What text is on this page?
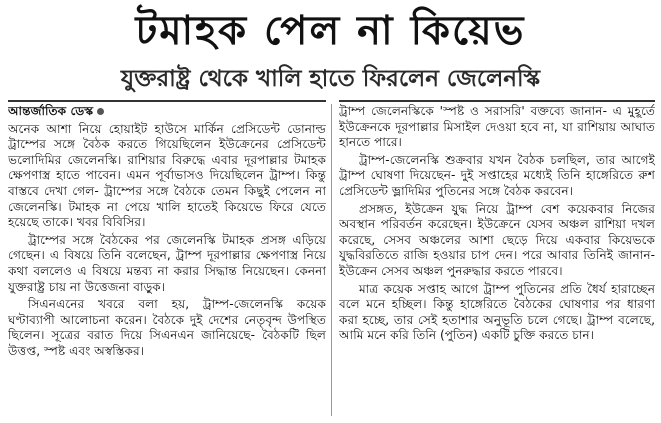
টমাহক পেল না কিয়েভ
যুক্তরাষ্ট্র থেকে খালি হাতে ফিরলেন জেলেনস্কি

আন্তর্জাতিক ডেস্ক

অনেক আশা নিয়ে হোয়াইট হাউসে মার্কিন প্রেসিডেন্ট ডোনাল্ড ট্রাম্পের সঙ্গে বৈঠক করতে গিয়েছিলেন ইউক্রেনের প্রেসিডেন্ট ভলোদিমির জেলেনস্কি। রাশিয়ার বিরুদ্ধে এবার দূরপাল্লার টমাহক ক্ষেপণাস্ত্র হাতে পাবেন। এমন পূর্বাভাসও দিয়েছিলেন ট্রাম্প। কিন্তু বাস্তবে দেখা গেল- ট্রাম্পের সঙ্গে বৈঠকে তেমন কিছুই পেলেন না জেলেনস্কি। টমাহক না পেয়ে খালি হাতেই কিয়েভে ফিরে যেতে হয়েছে তাকে। খবর বিবিসির।

ট্রাম্পের সঙ্গে বৈঠকের পর জেলেনস্কি টমাহক প্রসঙ্গ এড়িয়ে গেছেন। এ বিষয়ে তিনি বলেছেন, ট্রাম্প দূরপাল্লার ক্ষেপণাস্ত্র নিয়ে কথা বললেও এ বিষয়ে মন্তব্য না করার সিদ্ধান্ত নিয়েছেন। কেননা যুক্তরাষ্ট্র চায় না উত্তেজনা বাড়ুক।

সিএনএনের খবরে বলা হয়, ট্রাম্প-জেলেনস্কি কয়েক ঘণ্টাব্যাপী আলোচনা করেন। বৈঠকে দুই দেশের নেতৃবৃন্দ উপস্থিত ছিলেন। সূত্রের বরাত দিয়ে সিএনএন জানিয়েছে- বৈঠকটি ছিল উত্তপ্ত, স্পষ্ট এবং অস্বস্তিকর।

ট্রাম্প জেলেনস্কিকে 'স্পষ্ট ও সরাসরি' বক্তব্যে জানান- এ মুহূর্তে ইউক্রেনকে দূরপাল্লার মিসাইল দেওয়া হবে না, যা রাশিয়ায় আঘাত হানতে পারে।

ট্রাম্প-জেলেনস্কি শুক্রবার যখন বৈঠক চলছিল, তার আগেই ট্রাম্প ঘোষণা দিয়েছেন- দুই সপ্তাহের মধ্যেই তিনি হাঙ্গেরিতে রুশ প্রেসিডেন্ট ভ্লাদিমির পুতিনের সঙ্গে বৈঠক করবেন।

প্রসঙ্গত, ইউক্রেন যুদ্ধ নিয়ে ট্রাম্প বেশ কয়েকবার নিজের অবস্থান পরিবর্তন করেছেন। ইউক্রেনে যেসব অঞ্চল রাশিয়া দখল করেছে, সেসব অঞ্চলের আশা ছেড়ে দিয়ে একবার কিয়েভকে যুদ্ধবিরতিতে রাজি হওয়ার চাপ দেন। পরে আবার তিনিই জানান- ইউক্রেন সেসব অঞ্চল পুনরুদ্ধার করতে পারবে।

মাত্র কয়েক সপ্তাহ আগে ট্রাম্প পুতিনের প্রতি ধৈর্য হারাচ্ছেন বলে মনে হচ্ছিল। কিন্তু হাঙ্গেরিতে বৈঠকের ঘোষণার পর ধারণা করা হচ্ছে, তার সেই হতাশার অনুভূতি চলে গেছে। ট্রাম্প বলেছে, আমি মনে করি তিনি (পুতিন) একটি চুক্তি করতে চান।
